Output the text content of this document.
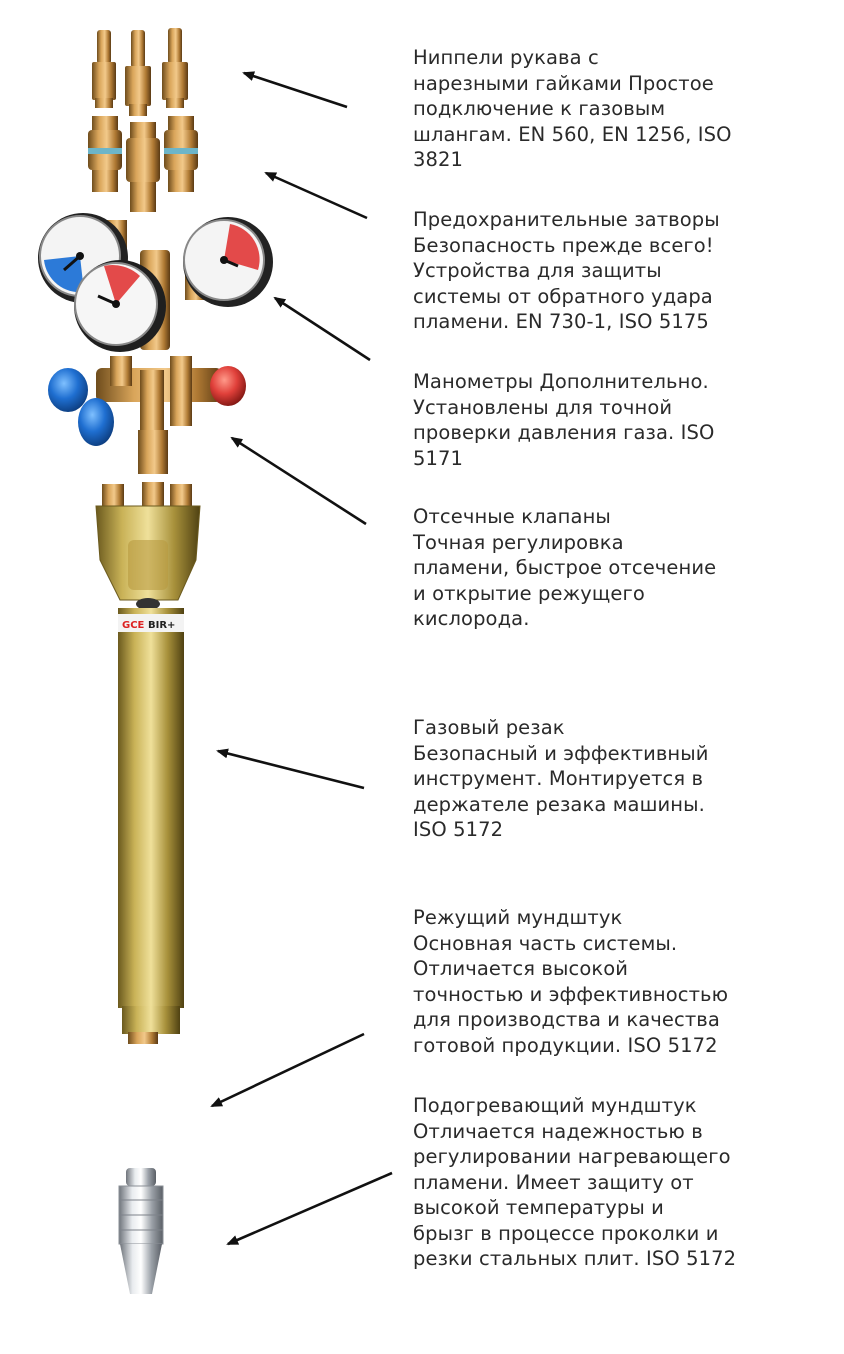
GCE BIR+
Ниппели рукава с
нарезными гайками Простое
подключение к газовым
шлангам. EN 560, EN 1256, ISO
3821
Предохранительные затворы
Безопасность прежде всего!
Устройства для защиты
системы от обратного удара
пламени. EN 730-1, ISO 5175
Манометры Дополнительно.
Установлены для точной
проверки давления газа. ISO
5171
Отсечные клапаны
Точная регулировка
пламени, быстрое отсечение
и открытие режущего
кислорода.
Газовый резак
Безопасный и эффективный
инструмент. Монтируется в
держателе резака машины.
ISO 5172
Режущий мундштук
Основная часть системы.
Отличается высокой
точностью и эффективностью
для производства и качества
готовой продукции. ISO 5172
Подогревающий мундштук
Отличается надежностью в
регулировании нагревающего
пламени. Имеет защиту от
высокой температуры и
брызг в процессе проколки и
резки стальных плит. ISO 5172
